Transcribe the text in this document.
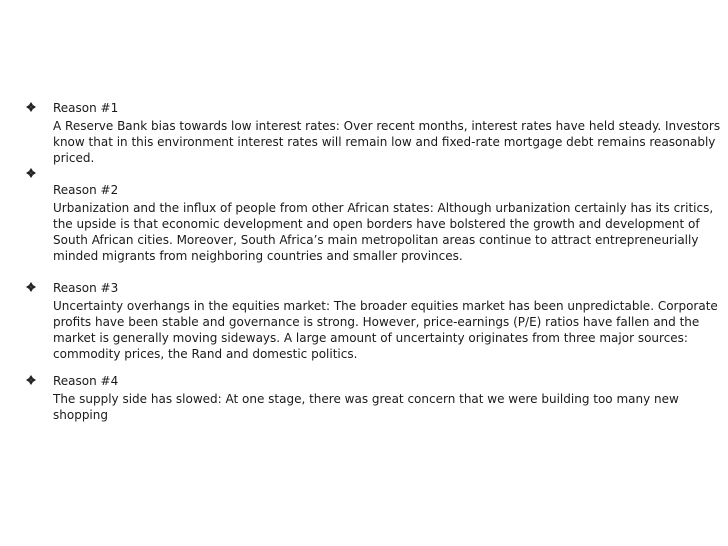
Reason #1
A Reserve Bank bias towards low interest rates: Over recent months, interest rates have held steady. Investors know that in this environment interest rates will remain low and fixed-rate mortgage debt remains reasonably priced.
Reason #2
Urbanization and the influx of people from other African states: Although urbanization certainly has its critics, the upside is that economic development and open borders have bolstered the growth and development of South African cities. Moreover, South Africa’s main metropolitan areas continue to attract entrepreneurially minded migrants from neighboring countries and smaller provinces.
Reason #3
Uncertainty overhangs in the equities market: The broader equities market has been unpredictable. Corporate profits have been stable and governance is strong. However, price-earnings (P/E) ratios have fallen and the market is generally moving sideways. A large amount of uncertainty originates from three major sources: commodity prices, the Rand and domestic politics.
Reason #4
The supply side has slowed: At one stage, there was great concern that we were building too many new shopping
